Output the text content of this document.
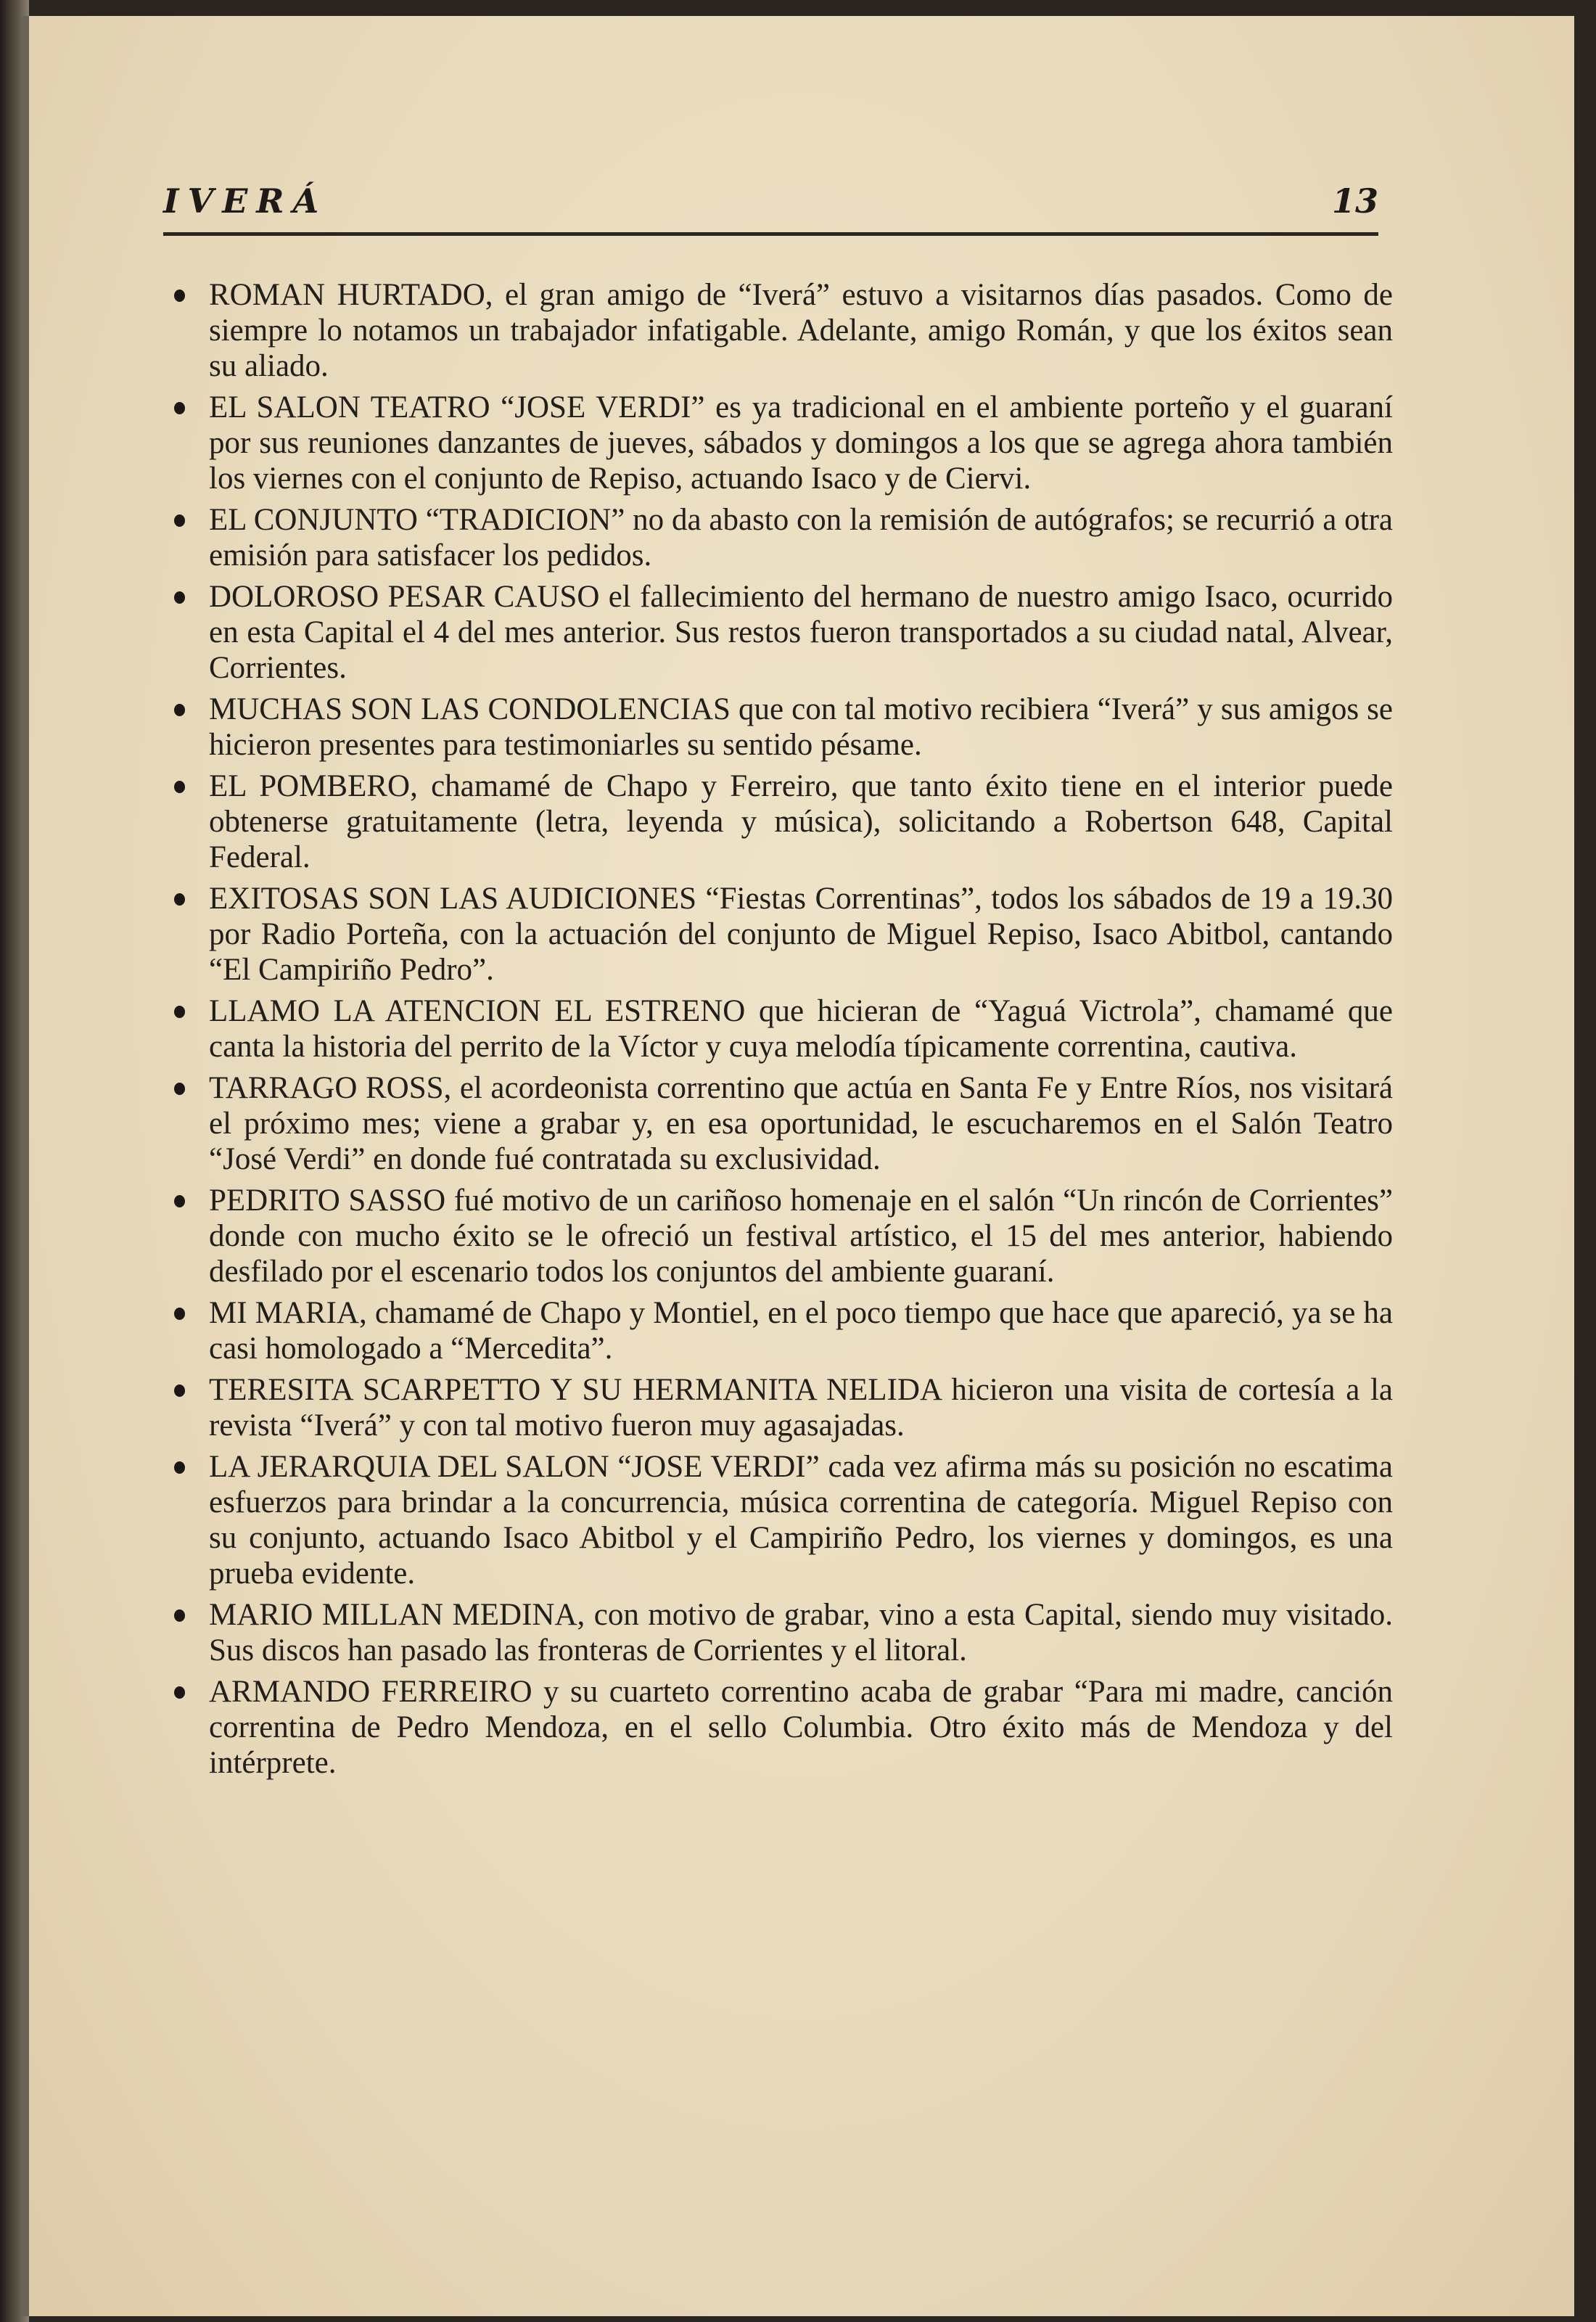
IVERÁ	13
ROMAN HURTADO, el gran amigo de “Iverá” estuvo a visitarnos días pasados. Como de siempre lo notamos un trabajador infatigable. Adelante, amigo Román, y que los éxitos sean su aliado.
EL SALON TEATRO “JOSE VERDI” es ya tradicional en el ambiente porteño y el guaraní por sus reuniones danzantes de jueves, sábados y domingos a los que se agrega ahora también los viernes con el conjunto de Repiso, actuando Isaco y de Ciervi.
EL CONJUNTO “TRADICION” no da abasto con la remisión de autógrafos; se recurrió a otra emisión para satisfacer los pedidos.
DOLOROSO PESAR CAUSO el fallecimiento del hermano de nuestro amigo Isaco, ocurrido en esta Capital el 4 del mes anterior. Sus restos fueron transportados a su ciudad natal, Alvear, Corrientes.
MUCHAS SON LAS CONDOLENCIAS que con tal motivo recibiera “Iverá” y sus amigos se hicieron presentes para testimoniarles su sentido pésame.
EL POMBERO, chamamé de Chapo y Ferreiro, que tanto éxito tiene en el interior puede obtenerse gratuitamente (letra, leyenda y música), solicitando a Robertson 648, Capital Federal.
EXITOSAS SON LAS AUDICIONES “Fiestas Correntinas”, todos los sábados de 19 a 19.30 por Radio Porteña, con la actuación del conjunto de Miguel Repiso, Isaco Abitbol, cantando “El Campiriño Pedro”.
LLAMO LA ATENCION EL ESTRENO que hicieran de “Yaguá Victrola”, chamamé que canta la historia del perrito de la Víctor y cuya melodía típicamente correntina, cautiva.
TARRAGO ROSS, el acordeonista correntino que actúa en Santa Fe y Entre Ríos, nos visitará el próximo mes; viene a grabar y, en esa oportunidad, le escucharemos en el Salón Teatro “José Verdi” en donde fué contratada su exclusividad.
PEDRITO SASSO fué motivo de un cariñoso homenaje en el salón “Un rincón de Corrientes” donde con mucho éxito se le ofreció un festival artístico, el 15 del mes anterior, habiendo desfilado por el escenario todos los conjuntos del ambiente guaraní.
MI MARIA, chamamé de Chapo y Montiel, en el poco tiempo que hace que apareció, ya se ha casi homologado a “Mercedita”.
TERESITA SCARPETTO Y SU HERMANITA NELIDA hicieron una visita de cortesía a la revista “Iverá” y con tal motivo fueron muy agasajadas.
LA JERARQUIA DEL SALON “JOSE VERDI” cada vez afirma más su posición no escatima esfuerzos para brindar a la concurrencia, música correntina de categoría. Miguel Repiso con su conjunto, actuando Isaco Abitbol y el Campiriño Pedro, los viernes y domingos, es una prueba evidente.
MARIO MILLAN MEDINA, con motivo de grabar, vino a esta Capital, siendo muy visitado. Sus discos han pasado las fronteras de Corrientes y el litoral.
ARMANDO FERREIRO y su cuarteto correntino acaba de grabar “Para mi madre, canción correntina de Pedro Mendoza, en el sello Columbia. Otro éxito más de Mendoza y del intérprete.
